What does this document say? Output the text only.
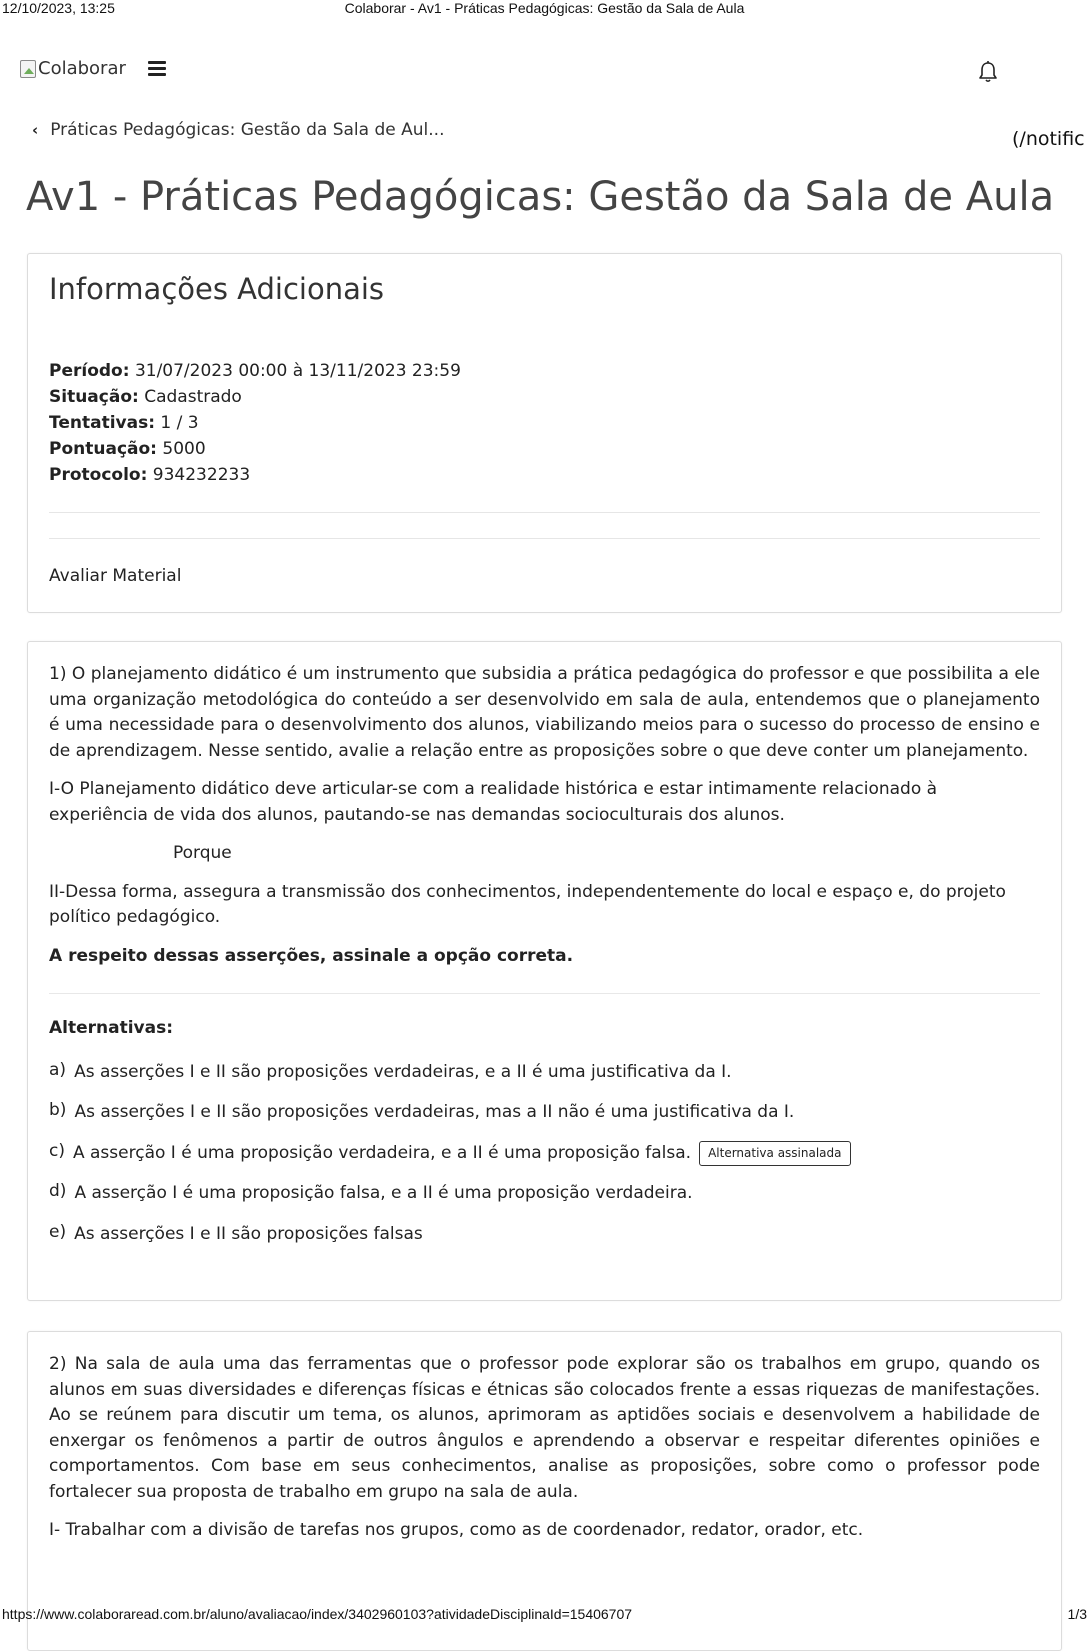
12/10/2023, 13:25	Colaborar - Av1 - Práticas Pedagógicas: Gestão da Sala de Aula
Colaborar
‹ Práticas Pedagógicas: Gestão da Sala de Aul...	(/notific
Av1 - Práticas Pedagógicas: Gestão da Sala de Aula
Informações Adicionais
Período: 31/07/2023 00:00 à 13/11/2023 23:59
Situação: Cadastrado
Tentativas: 1 / 3
Pontuação: 5000
Protocolo: 934232233
Avaliar Material

1) O planejamento didático é um instrumento que subsidia a prática pedagógica do professor e que possibilita a ele uma organização metodológica do conteúdo a ser desenvolvido em sala de aula, entendemos que o planejamento é uma necessidade para o desenvolvimento dos alunos, viabilizando meios para o sucesso do processo de ensino e de aprendizagem. Nesse sentido, avalie a relação entre as proposições sobre o que deve conter um planejamento.

I-O Planejamento didático deve articular-se com a realidade histórica e estar intimamente relacionado à experiência de vida dos alunos, pautando-se nas demandas socioculturais dos alunos.

Porque

II-Dessa forma, assegura a transmissão dos conhecimentos, independentemente do local e espaço e, do projeto político pedagógico.

A respeito dessas asserções, assinale a opção correta.

Alternativas:
a) As asserções I e II são proposições verdadeiras, e a II é uma justificativa da I.
b) As asserções I e II são proposições verdadeiras, mas a II não é uma justificativa da I.
c) A asserção I é uma proposição verdadeira, e a II é uma proposição falsa.	Alternativa assinalada
d) A asserção I é uma proposição falsa, e a II é uma proposição verdadeira.
e) As asserções I e II são proposições falsas

2) Na sala de aula uma das ferramentas que o professor pode explorar são os trabalhos em grupo, quando os alunos em suas diversidades e diferenças físicas e étnicas são colocados frente a essas riquezas de manifestações. Ao se reúnem para discutir um tema, os alunos, aprimoram as aptidões sociais e desenvolvem a habilidade de enxergar os fenômenos a partir de outros ângulos e aprendendo a observar e respeitar diferentes opiniões e comportamentos. Com base em seus conhecimentos, analise as proposições, sobre como o professor pode fortalecer sua proposta de trabalho em grupo na sala de aula.

I- Trabalhar com a divisão de tarefas nos grupos, como as de coordenador, redator, orador, etc.

https://www.colaboraread.com.br/aluno/avaliacao/index/3402960103?atividadeDisciplinaId=15406707	1/3
